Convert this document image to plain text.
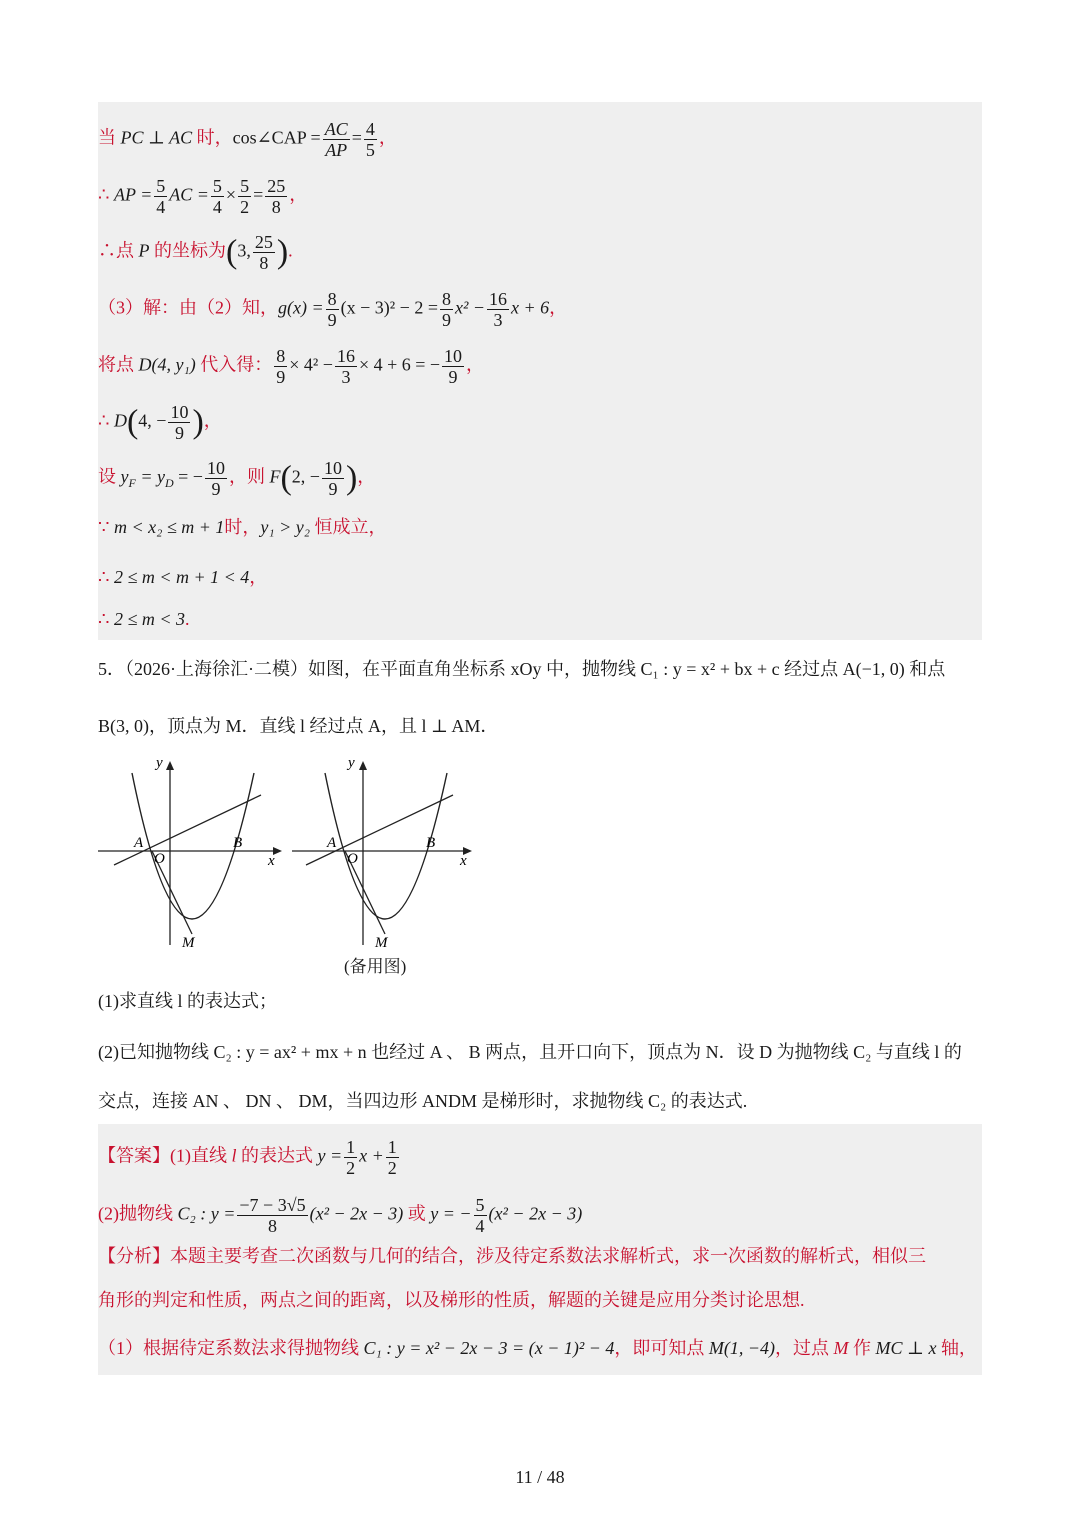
当 PC ⊥ AC 时，cos∠CAP = $\frac{AC}{AP} = \frac{4}{5}$ ，
∴ AP = $\frac{5}{4}$ AC = $\frac{5}{4} \times \frac{5}{2} = \frac{25}{8}$ ，
∴点 P 的坐标为(3, $\frac{25}{8}$ ).
（3）解：由（2）知，$g(x) = \frac{8}{9} (x - 3)^2 - 2 = \frac{8}{9} x^2 - \frac{16}{3}$ x + 6，
将点 D(4, y₁) 代入得： $\frac{8}{9} \times 4^2 - \frac{16}{3} \times 4 + 6$ = − $\frac{10}{9}$ ，
∴ D(4, − $\frac{10}{9}$ )，
设 $y_F = y_D$ = − $\frac{10}{9}$ ，则 F(2, − $\frac{10}{9}$ )，
∵ m < x₂ ≤ m + 1时，y₁ > y₂ 恒成立，
∴ 2 ≤ m < m + 1 < 4，
∴ 2 ≤ m < 3.
5．（2026·上海徐汇·二模）如图，在平面直角坐标系 xOy 中，抛物线 C₁ : y = x² + bx + c 经过点 A(−1, 0) 和点
B(3, 0)，顶点为 M．直线 l 经过点 A，且 l ⊥ AM．
y
x
A
O
B
M
y
x
A
O
B
M
(备用图)
(1)求直线 l 的表达式；
(2)已知抛物线 C₂ : y = ax² + mx + n 也经过 A 、 B 两点，且开口向下，顶点为 N．设 D 为抛物线 C₂ 与直线 l 的
交点，连接 AN 、 DN 、 DM，当四边形 ANDM 是梯形时，求抛物线 C₂ 的表达式.
【答案】(1)直线 l 的表达式 $y = \frac{1}{2}$ $x + \frac{1}{2}$
(2)抛物线 C₂ : $y = \frac{-7 - 3√5}{8} (x^2 - 2x - 3)$ 或 y = − $\frac{5}{4} (x^2 - 2x - 3)$
【分析】本题主要考查二次函数与几何的结合，涉及待定系数法求解析式，求一次函数的解析式，相似三
角形的判定和性质，两点之间的距离，以及梯形的性质，解题的关键是应用分类讨论思想.
（1）根据待定系数法求得抛物线 C₁ : y = x² − 2x − 3 = (x − 1)² − 4，即可知点 M(1, −4)，过点 M 作 MC ⊥ x 轴，
11 / 48
